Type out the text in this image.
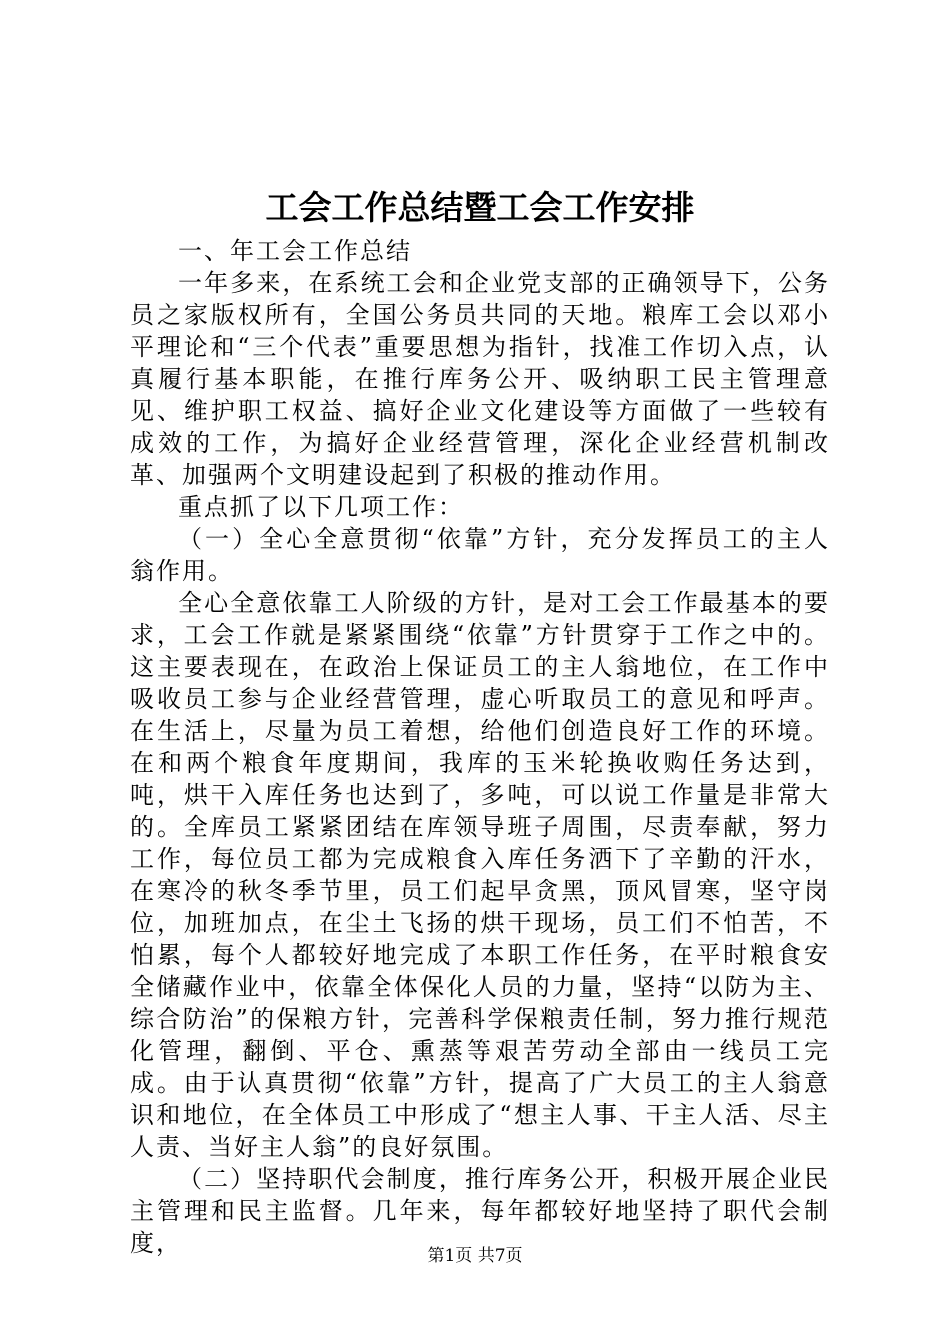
工会工作总结暨工会工作安排

一、年工会工作总结

一年多来，在系统工会和企业党支部的正确领导下，公务员之家版权所有，全国公务员共同的天地。粮库工会以邓小平理论和“三个代表”重要思想为指针，找准工作切入点，认真履行基本职能，在推行库务公开、吸纳职工民主管理意见、维护职工权益、搞好企业文化建设等方面做了一些较有成效的工作，为搞好企业经营管理，深化企业经营机制改革、加强两个文明建设起到了积极的推动作用。

重点抓了以下几项工作：

（一）全心全意贯彻“依靠”方针，充分发挥员工的主人翁作用。

全心全意依靠工人阶级的方针，是对工会工作最基本的要求，工会工作就是紧紧围绕“依靠”方针贯穿于工作之中的。这主要表现在，在政治上保证员工的主人翁地位，在工作中吸收员工参与企业经营管理，虚心听取员工的意见和呼声。在生活上，尽量为员工着想，给他们创造良好工作的环境。在和两个粮食年度期间，我库的玉米轮换收购任务达到，吨，烘干入库任务也达到了，多吨，可以说工作量是非常大的。全库员工紧紧团结在库领导班子周围，尽责奉献，努力工作，每位员工都为完成粮食入库任务洒下了辛勤的汗水，在寒冷的秋冬季节里，员工们起早贪黑，顶风冒寒，坚守岗位，加班加点，在尘土飞扬的烘干现场，员工们不怕苦，不怕累，每个人都较好地完成了本职工作任务，在平时粮食安全储藏作业中，依靠全体保化人员的力量，坚持“以防为主、综合防治”的保粮方针，完善科学保粮责任制，努力推行规范化管理，翻倒、平仓、熏蒸等艰苦劳动全部由一线员工完成。由于认真贯彻“依靠”方针，提高了广大员工的主人翁意识和地位，在全体员工中形成了“想主人事、干主人活、尽主人责、当好主人翁”的良好氛围。

（二）坚持职代会制度，推行库务公开，积极开展企业民主管理和民主监督。几年来，每年都较好地坚持了职代会制度，	第1页 共7页
